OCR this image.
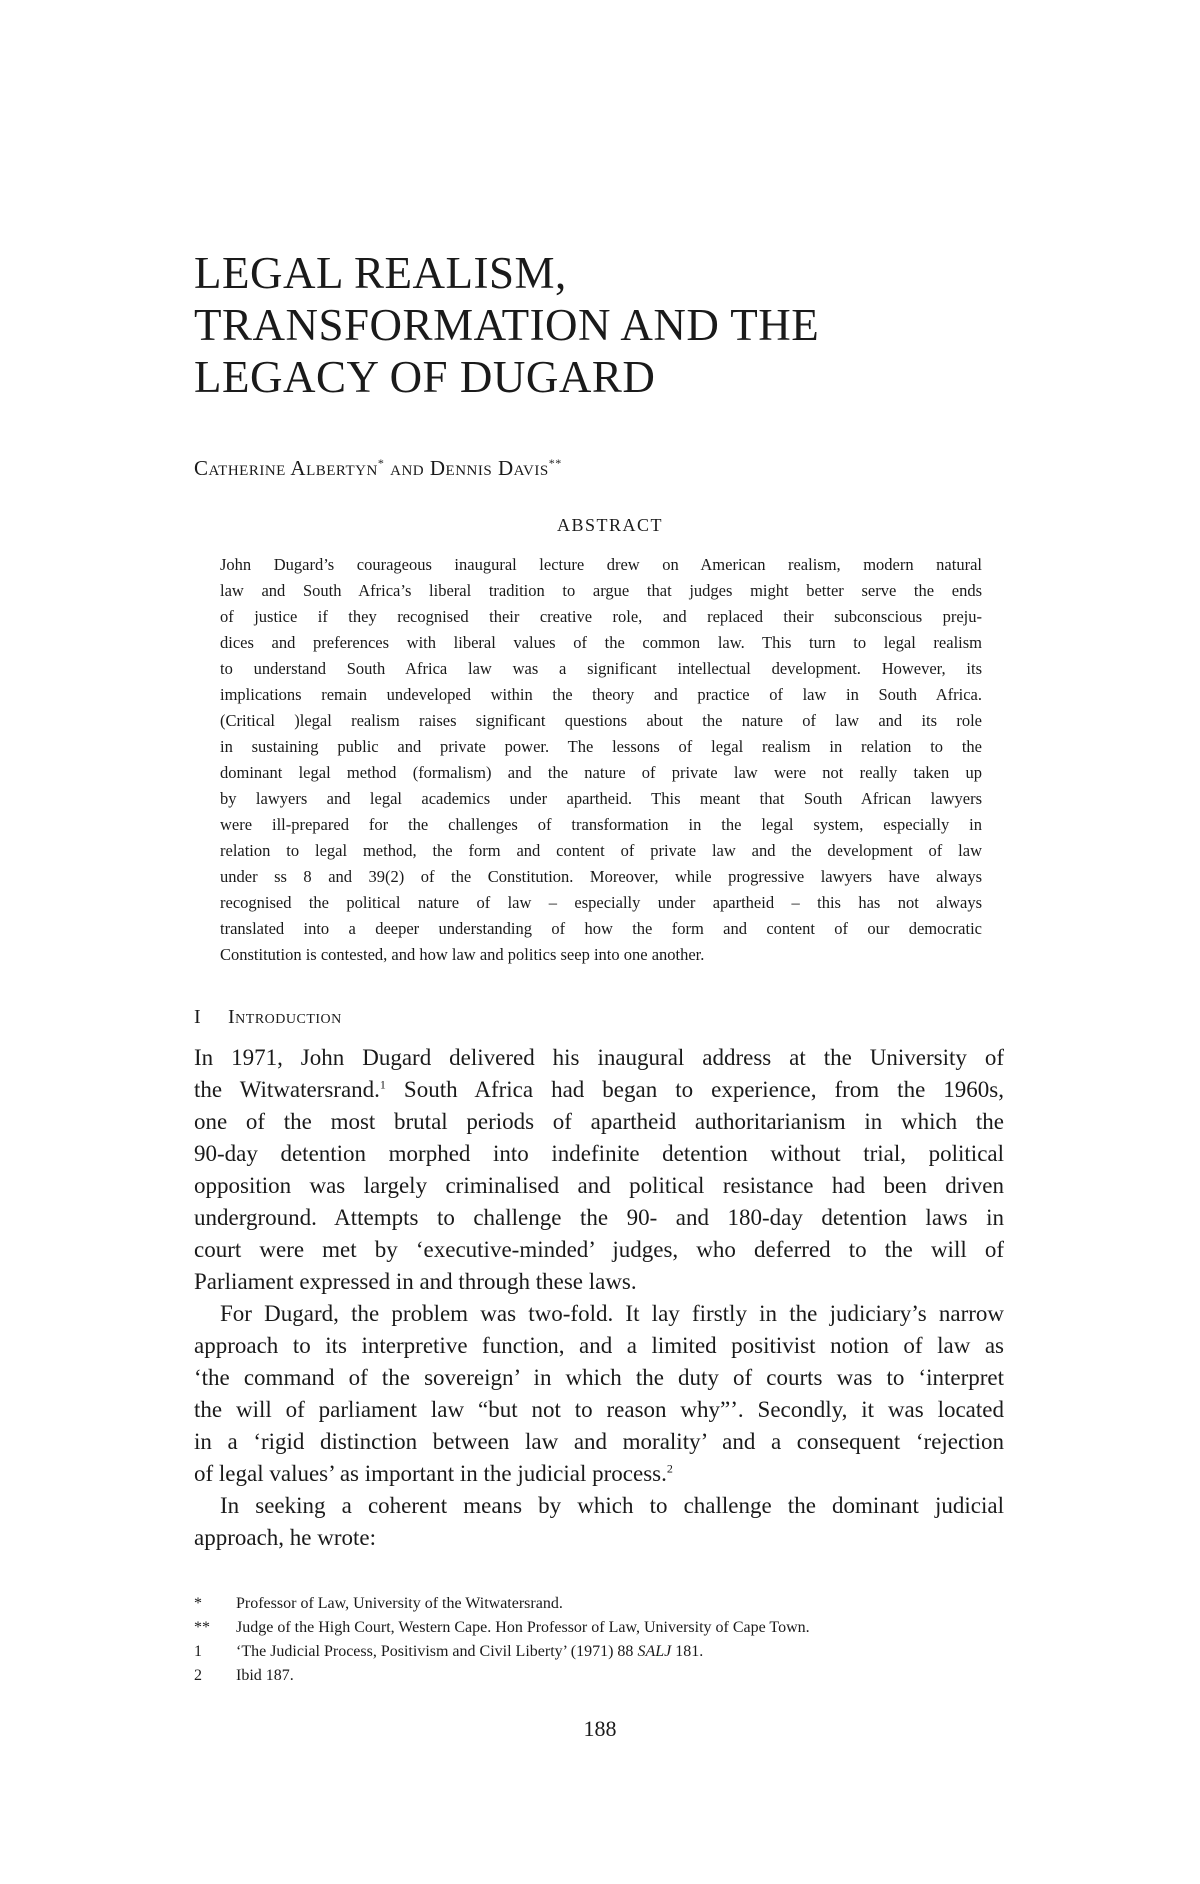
LEGAL REALISM,
TRANSFORMATION AND THE
LEGACY OF DUGARD
Catherine Albertyn* and Dennis Davis**
ABSTRACT
John Dugard’s courageous inaugural lecture drew on American realism, modern natural
law and South Africa’s liberal tradition to argue that judges might better serve the ends
of justice if they recognised their creative role, and replaced their subconscious preju-
dices and preferences with liberal values of the common law. This turn to legal realism
to understand South Africa law was a significant intellectual development. However, its
implications remain undeveloped within the theory and practice of law in South Africa.
(Critical )legal realism raises significant questions about the nature of law and its role
in sustaining public and private power. The lessons of legal realism in relation to the
dominant legal method (formalism) and the nature of private law were not really taken up
by lawyers and legal academics under apartheid. This meant that South African lawyers
were ill-prepared for the challenges of transformation in the legal system, especially in
relation to legal method, the form and content of private law and the development of law
under ss 8 and 39(2) of the Constitution. Moreover, while progressive lawyers have always
recognised the political nature of law – especially under apartheid – this has not always
translated into a deeper understanding of how the form and content of our democratic
Constitution is contested, and how law and politics seep into one another.
I Introduction
In 1971, John Dugard delivered his inaugural address at the University of
the Witwatersrand.$^1$ South Africa had began to experience, from the 1960s,
one of the most brutal periods of apartheid authoritarianism in which the
90-day detention morphed into indefinite detention without trial, political
opposition was largely criminalised and political resistance had been driven
underground. Attempts to challenge the 90- and 180-day detention laws in
court were met by ‘executive-minded’ judges, who deferred to the will of
Parliament expressed in and through these laws.
For Dugard, the problem was two-fold. It lay firstly in the judiciary’s narrow
approach to its interpretive function, and a limited positivist notion of law as
‘the command of the sovereign’ in which the duty of courts was to ‘interpret
the will of parliament law “but not to reason why”’. Secondly, it was located
in a ‘rigid distinction between law and morality’ and a consequent ‘rejection
of legal values’ as important in the judicial process.$^2$
In seeking a coherent means by which to challenge the dominant judicial
approach, he wrote:
*	Professor of Law, University of the Witwatersrand.
**	Judge of the High Court, Western Cape. Hon Professor of Law, University of Cape Town.
1	‘The Judicial Process, Positivism and Civil Liberty’ (1971) 88 SALJ 181.
2	Ibid 187.
188
